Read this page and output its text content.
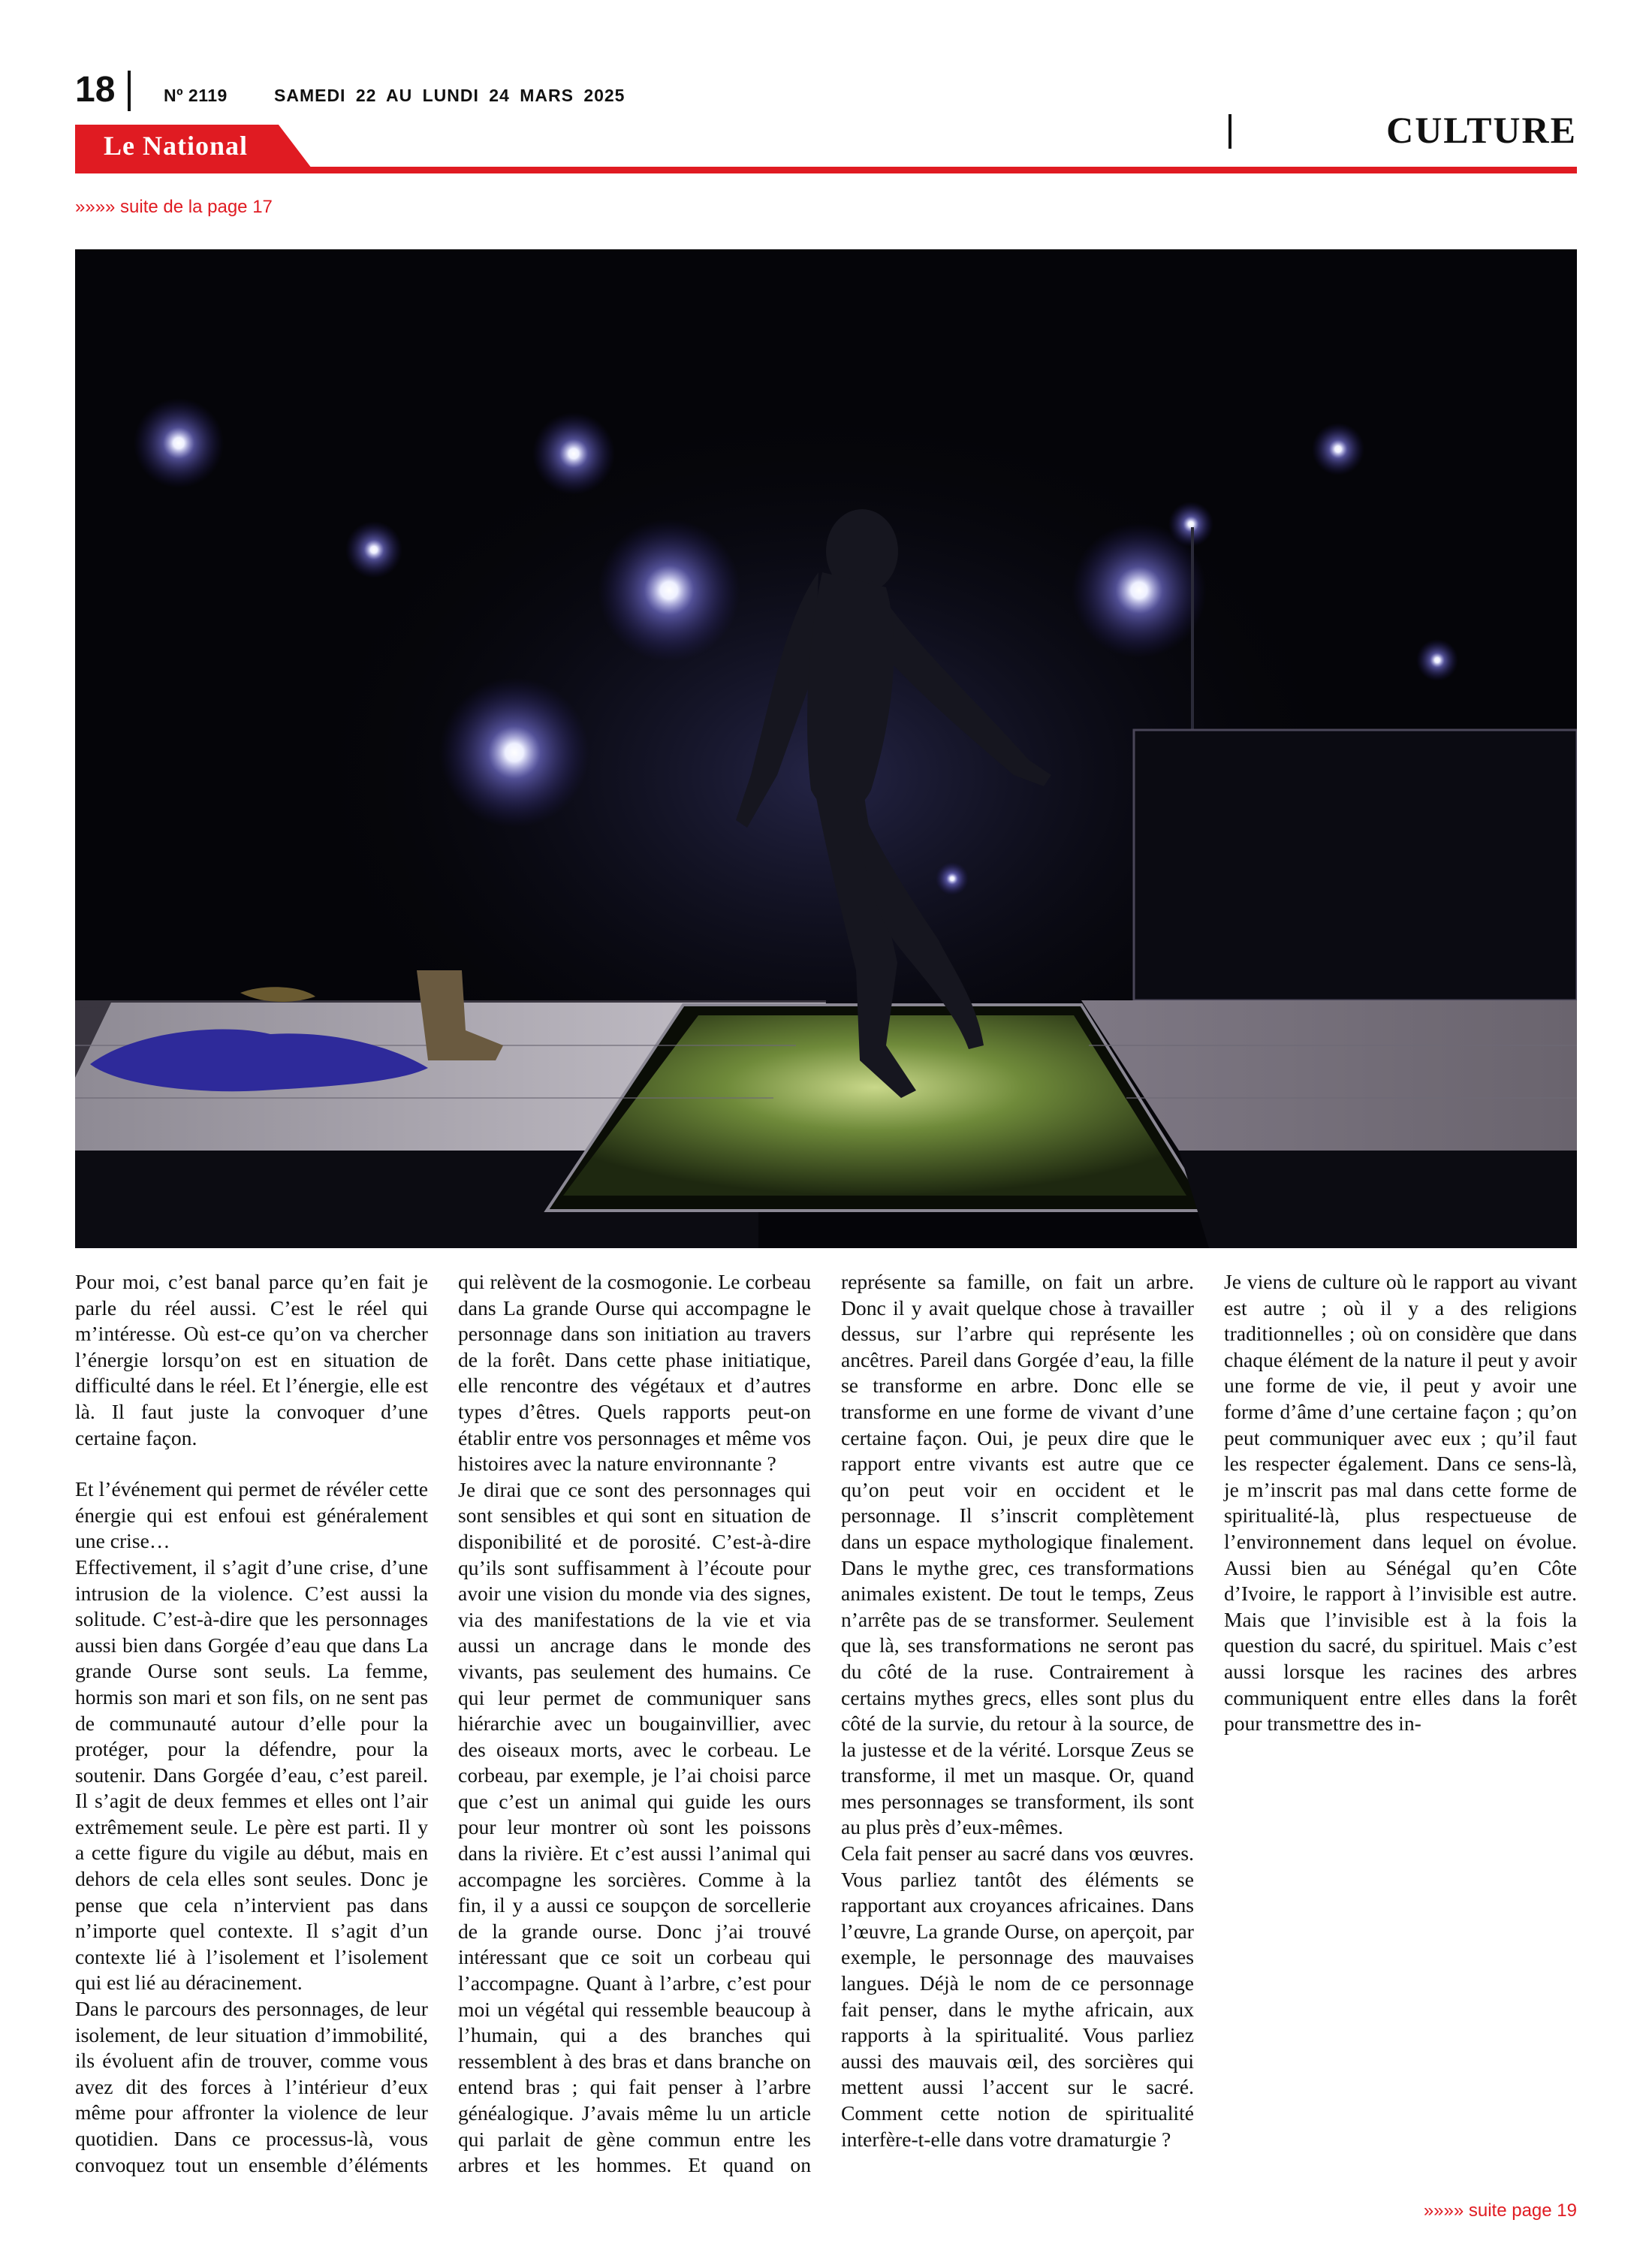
18	Nº 2119	SAMEDI 22 AU LUNDI 24 MARS 2025
Le National	CULTURE
»»»» suite de la page 17

Pour moi, c’est banal parce qu’en fait je parle du réel aussi. C’est le réel qui m’intéresse. Où est-ce qu’on va chercher l’énergie lorsqu’on est en situation de difficulté dans le réel. Et l’énergie, elle est là. Il faut juste la convoquer d’une certaine façon.

Et l’événement qui permet de révéler cette énergie qui est enfoui est généralement une crise…

Effectivement, il s’agit d’une crise, d’une intrusion de la violence. C’est aussi la solitude. C’est-à-dire que les personnages aussi bien dans Gorgée d’eau que dans La grande Ourse sont seuls. La femme, hormis son mari et son fils, on ne sent pas de communauté autour d’elle pour la protéger, pour la défendre, pour la soutenir. Dans Gorgée d’eau, c’est pareil. Il s’agit de deux femmes et elles ont l’air extrêmement seule. Le père est parti. Il y a cette figure du vigile au début, mais en dehors de cela elles sont seules. Donc je pense que cela n’intervient pas dans n’importe quel contexte. Il s’agit d’un contexte lié à l’isolement et l’isolement qui est lié au déracinement.

Dans le parcours des personnages, de leur isolement, de leur situation d’immobilité, ils évoluent afin de trouver, comme vous avez dit des forces à l’intérieur d’eux même pour affronter la violence de leur quotidien. Dans ce processus-là, vous convoquez tout un ensemble d’éléments qui relèvent de la cosmogonie. Le corbeau dans La grande Ourse qui accompagne le personnage dans son initiation au travers de la forêt. Dans cette phase initiatique, elle rencontre des végétaux et d’autres types d’êtres. Quels rapports peut-on établir entre vos personnages et même vos histoires avec la nature environnante ?

Je dirai que ce sont des personnages qui sont sensibles et qui sont en situation de disponibilité et de porosité. C’est-à-dire qu’ils sont suffisamment à l’écoute pour avoir une vision du monde via des signes, via des manifestations de la vie et via aussi un ancrage dans le monde des vivants, pas seulement des humains. Ce qui leur permet de communiquer sans hiérarchie avec un bougainvillier, avec des oiseaux morts, avec le corbeau. Le corbeau, par exemple, je l’ai choisi parce que c’est un animal qui guide les ours pour leur montrer où sont les poissons dans la rivière. Et c’est aussi l’animal qui accompagne les sorcières. Comme à la fin, il y a aussi ce soupçon de sorcellerie de la grande ourse. Donc j’ai trouvé intéressant que ce soit un corbeau qui l’accompagne. Quant à l’arbre, c’est pour moi un végétal qui ressemble beaucoup à l’humain, qui a des branches qui ressemblent à des bras et dans branche on entend bras ; qui fait penser à l’arbre généalogique. J’avais même lu un article qui parlait de gène commun entre les arbres et les hommes. Et quand on représente sa famille, on fait un arbre. Donc il y avait quelque chose à travailler dessus, sur l’arbre qui représente les ancêtres. Pareil dans Gorgée d’eau, la fille se transforme en arbre. Donc elle se transforme en une forme de vivant d’une certaine façon. Oui, je peux dire que le rapport entre vivants est autre que ce qu’on peut voir en occident et le personnage. Il s’inscrit complètement dans un espace mythologique finalement. Dans le mythe grec, ces transformations animales existent. De tout le temps, Zeus n’arrête pas de se transformer. Seulement que là, ses transformations ne seront pas du côté de la ruse. Contrairement à certains mythes grecs, elles sont plus du côté de la survie, du retour à la source, de la justesse et de la vérité. Lorsque Zeus se transforme, il met un masque. Or, quand mes personnages se transforment, ils sont au plus près d’eux-mêmes.

Cela fait penser au sacré dans vos œuvres. Vous parliez tantôt des éléments se rapportant aux croyances africaines. Dans l’œuvre, La grande Ourse, on aperçoit, par exemple, le personnage des mauvaises langues. Déjà le nom de ce personnage fait penser, dans le mythe africain, aux rapports à la spiritualité. Vous parliez aussi des mauvais œil, des sorcières qui mettent aussi l’accent sur le sacré. Comment cette notion de spiritualité interfère-t-elle dans votre dramaturgie ?

Je viens de culture où le rapport au vivant est autre ; où il y a des religions traditionnelles ; où on considère que dans chaque élément de la nature il peut y avoir une forme de vie, il peut y avoir une forme d’âme d’une certaine façon ; qu’on peut communiquer avec eux ; qu’il faut les respecter également. Dans ce sens-là, je m’inscrit pas mal dans cette forme de spiritualité-là, plus respectueuse de l’environnement dans lequel on évolue. Aussi bien au Sénégal qu’en Côte d’Ivoire, le rapport à l’invisible est autre. Mais que l’invisible est à la fois la question du sacré, du spirituel. Mais c’est aussi lorsque les racines des arbres communiquent entre elles dans la forêt pour transmettre des in-

»»»» suite page 19
